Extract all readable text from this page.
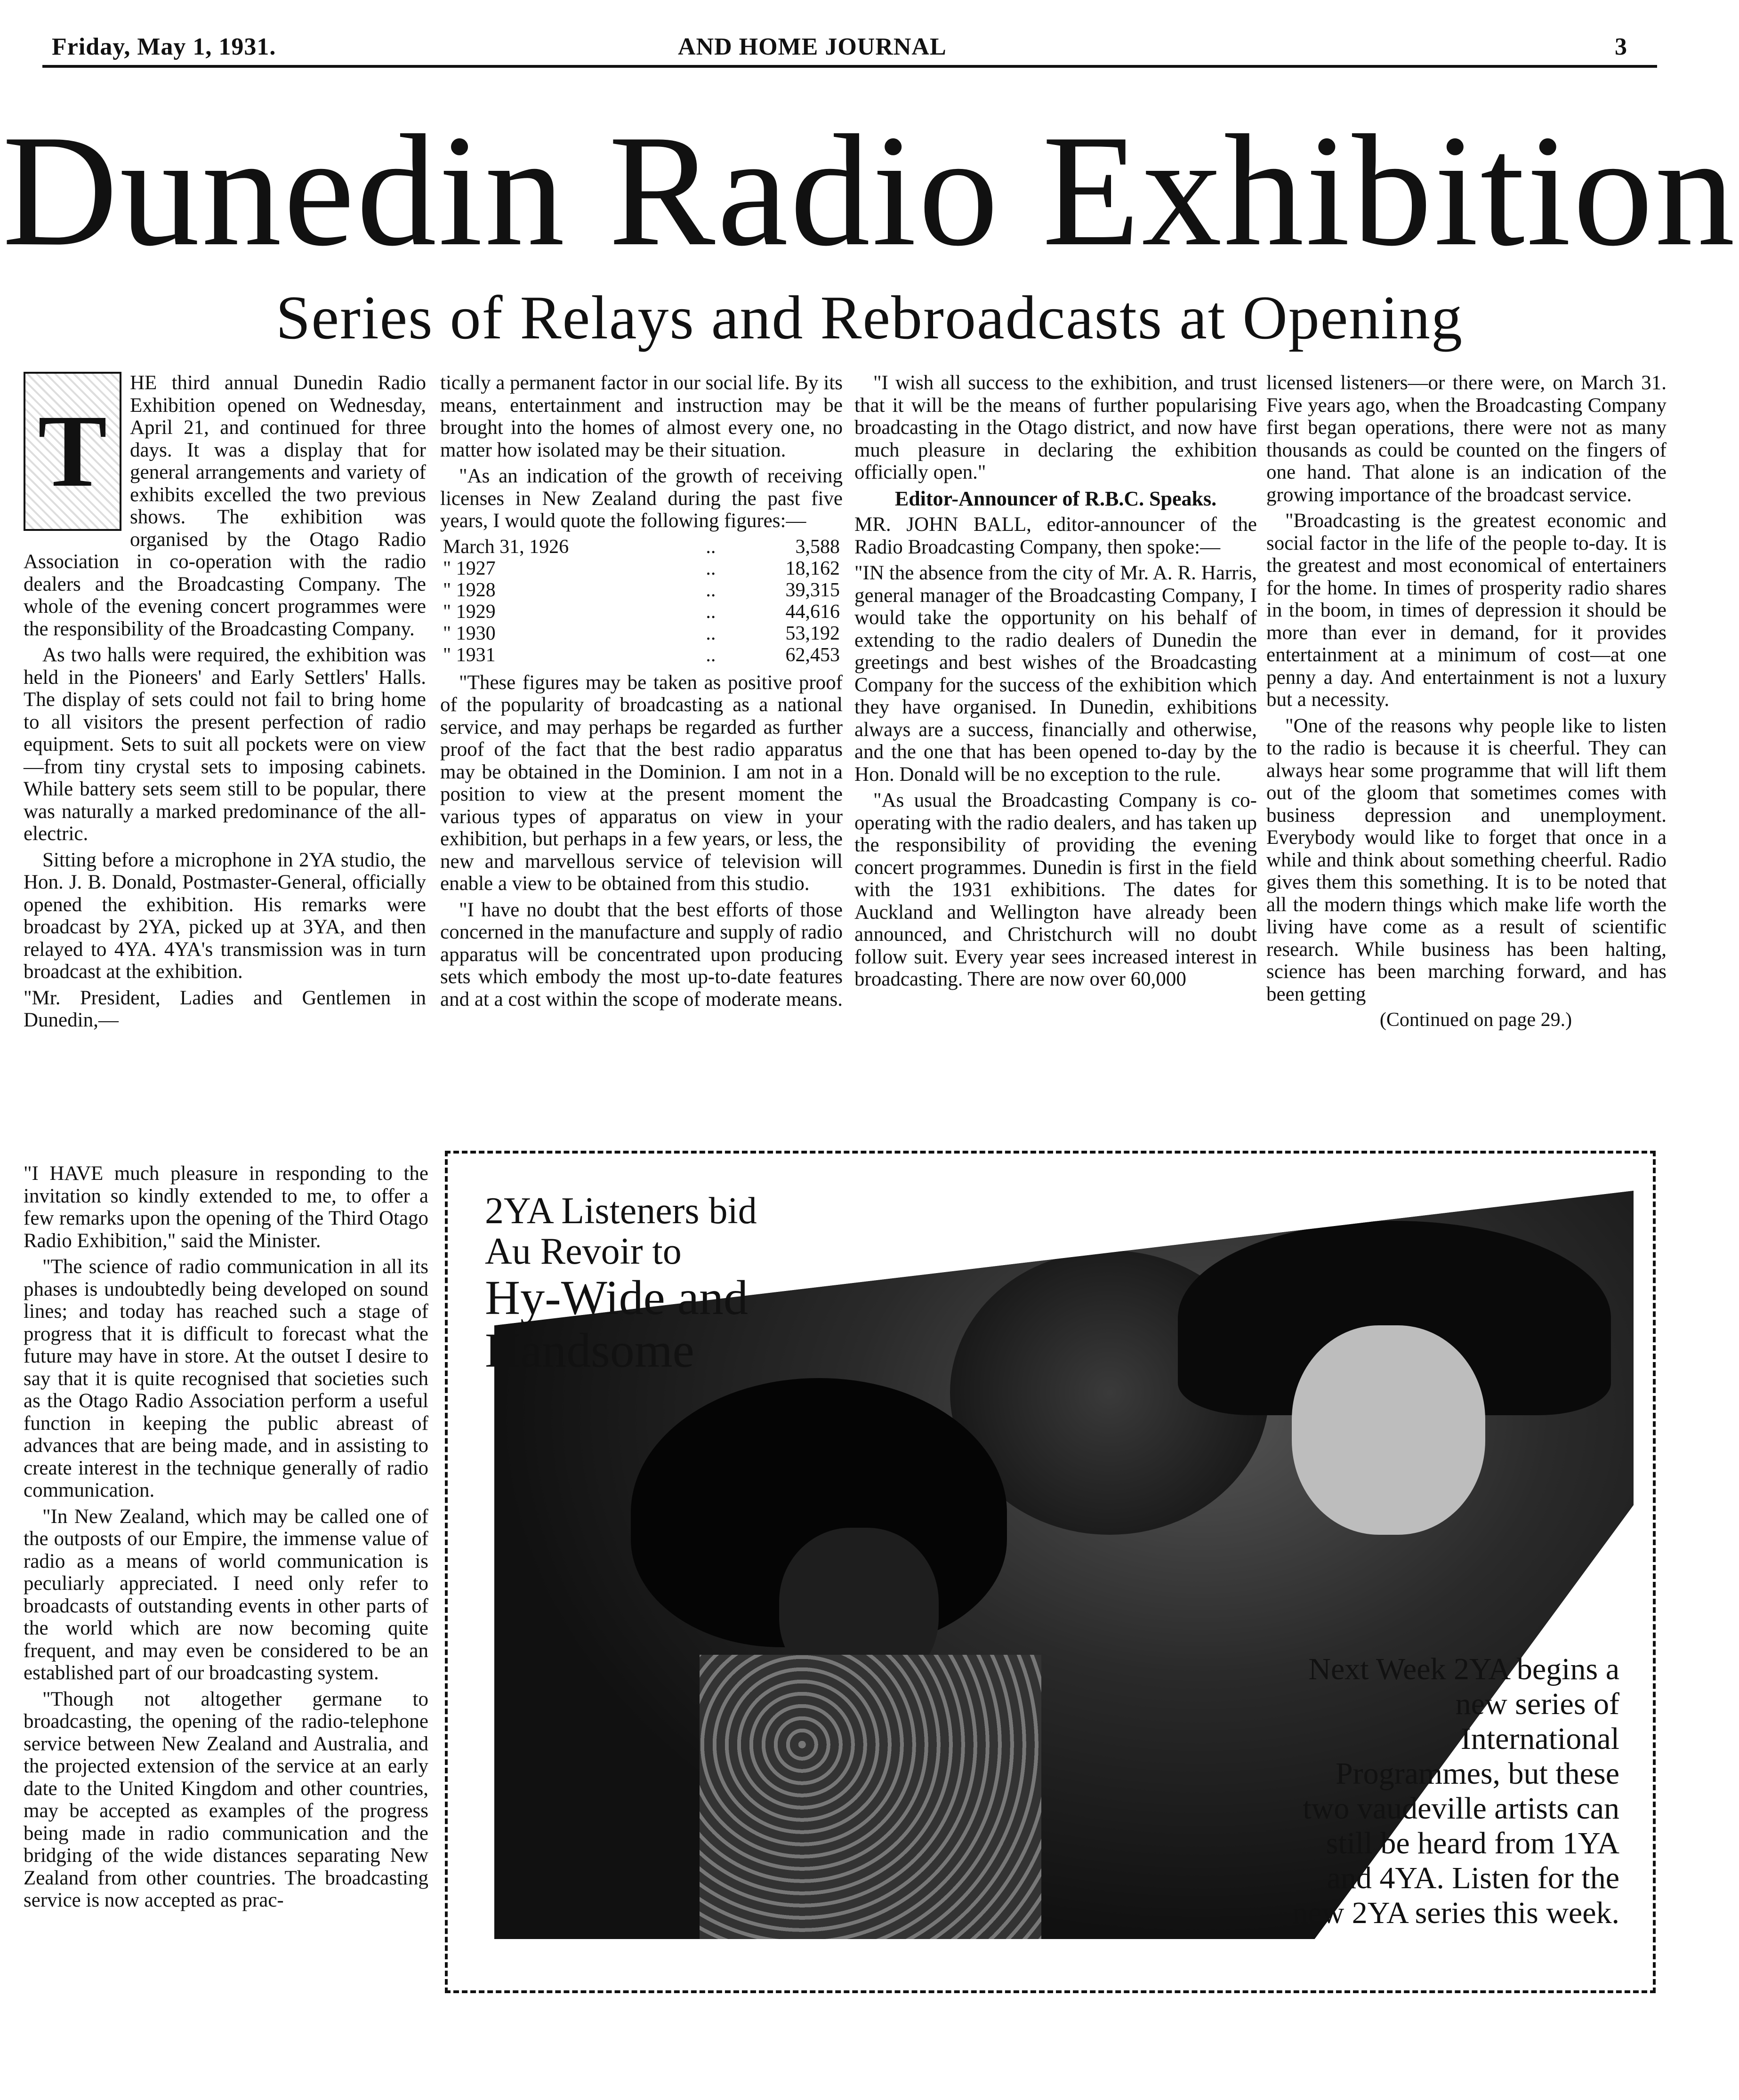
Friday, May 1, 1931.	AND HOME JOURNAL	3
Dunedin Radio Exhibition
Series of Relays and Rebroadcasts at Opening
T

HE third annual Dunedin Radio Exhibition opened on Wednesday, April 21, and continued for three days. It was a display that for general arrangements and variety of exhibits excelled the two previous shows. The exhibition was organised by the Otago Radio Association in co-operation with the radio dealers and the Broadcasting Company. The whole of the evening concert programmes were the responsibility of the Broadcasting Company.

As two halls were required, the exhibition was held in the Pioneers' and Early Settlers' Halls. The display of sets could not fail to bring home to all visitors the present perfection of radio equipment. Sets to suit all pockets were on view—from tiny crystal sets to imposing cabinets. While battery sets seem still to be popular, there was naturally a marked predominance of the all-electric.

Sitting before a microphone in 2YA studio, the Hon. J. B. Donald, Postmaster-General, officially opened the exhibition. His remarks were broadcast by 2YA, picked up at 3YA, and then relayed to 4YA. 4YA's transmission was in turn broadcast at the exhibition.

"Mr. President, Ladies and Gentlemen in Dunedin,—

"I HAVE much pleasure in responding to the invitation so kindly extended to me, to offer a few remarks upon the opening of the Third Otago Radio Exhibition," said the Minister.

"The science of radio communication in all its phases is undoubtedly being developed on sound lines; and today has reached such a stage of progress that it is difficult to forecast what the future may have in store. At the outset I desire to say that it is quite recognised that societies such as the Otago Radio Association perform a useful function in keeping the public abreast of advances that are being made, and in assisting to create interest in the technique generally of radio communication.

"In New Zealand, which may be called one of the outposts of our Empire, the immense value of radio as a means of world communication is peculiarly appreciated. I need only refer to broadcasts of outstanding events in other parts of the world which are now becoming quite frequent, and may even be considered to be an established part of our broadcasting system.

"Though not altogether germane to broadcasting, the opening of the radio-telephone service between New Zealand and Australia, and the projected extension of the service at an early date to the United Kingdom and other countries, may be accepted as examples of the progress being made in radio communication and the bridging of the wide distances separating New Zealand from other countries. The broadcasting service is now accepted as prac-

tically a permanent factor in our social life. By its means, entertainment and instruction may be brought into the homes of almost every one, no matter how isolated may be their situation.

"As an indication of the growth of receiving licenses in New Zealand during the past five years, I would quote the following figures:—

March 31, 1926	..	3,588
" 1927	..	18,162
" 1928	..	39,315
" 1929	..	44,616
" 1930	..	53,192
" 1931	..	62,453

"These figures may be taken as positive proof of the popularity of broadcasting as a national service, and may perhaps be regarded as further proof of the fact that the best radio apparatus may be obtained in the Dominion. I am not in a position to view at the present moment the various types of apparatus on view in your exhibition, but perhaps in a few years, or less, the new and marvellous service of television will enable a view to be obtained from this studio.

"I have no doubt that the best efforts of those concerned in the manufacture and supply of radio apparatus will be concentrated upon producing sets which embody the most up-to-date features and at a cost within the scope of moderate means.

"I wish all success to the exhibition, and trust that it will be the means of further popularising broadcasting in the Otago district, and now have much pleasure in declaring the exhibition officially open."

Editor-Announcer of R.B.C. Speaks.

MR. JOHN BALL, editor-announcer of the Radio Broadcasting Company, then spoke:—

"IN the absence from the city of Mr. A. R. Harris, general manager of the Broadcasting Company, I would take the opportunity on his behalf of extending to the radio dealers of Dunedin the greetings and best wishes of the Broadcasting Company for the success of the exhibition which they have organised. In Dunedin, exhibitions always are a success, financially and otherwise, and the one that has been opened to-day by the Hon. Donald will be no exception to the rule.

"As usual the Broadcasting Company is co-operating with the radio dealers, and has taken up the responsibility of providing the evening concert programmes. Dunedin is first in the field with the 1931 exhibitions. The dates for Auckland and Wellington have already been announced, and Christchurch will no doubt follow suit. Every year sees increased interest in broadcasting. There are now over 60,000

licensed listeners—or there were, on March 31. Five years ago, when the Broadcasting Company first began operations, there were not as many thousands as could be counted on the fingers of one hand. That alone is an indication of the growing importance of the broadcast service.

"Broadcasting is the greatest economic and social factor in the life of the people to-day. It is the greatest and most economical of entertainers for the home. In times of prosperity radio shares in the boom, in times of depression it should be more than ever in demand, for it provides entertainment at a minimum of cost—at one penny a day. And entertainment is not a luxury but a necessity.

"One of the reasons why people like to listen to the radio is because it is cheerful. They can always hear some programme that will lift them out of the gloom that sometimes comes with business depression and unemployment. Everybody would like to forget that once in a while and think about something cheerful. Radio gives them this something. It is to be noted that all the modern things which make life worth the living have come as a result of scientific research. While business has been halting, science has been marching forward, and has been getting

(Continued on page 29.)

2YA Listeners bid
Au Revoir to
Hy-Wide and
Handsome
Next Week 2YA begins a new series of International Programmes, but these two vaudeville artists can still be heard from 1YA and 4YA. Listen for the new 2YA series this week.
